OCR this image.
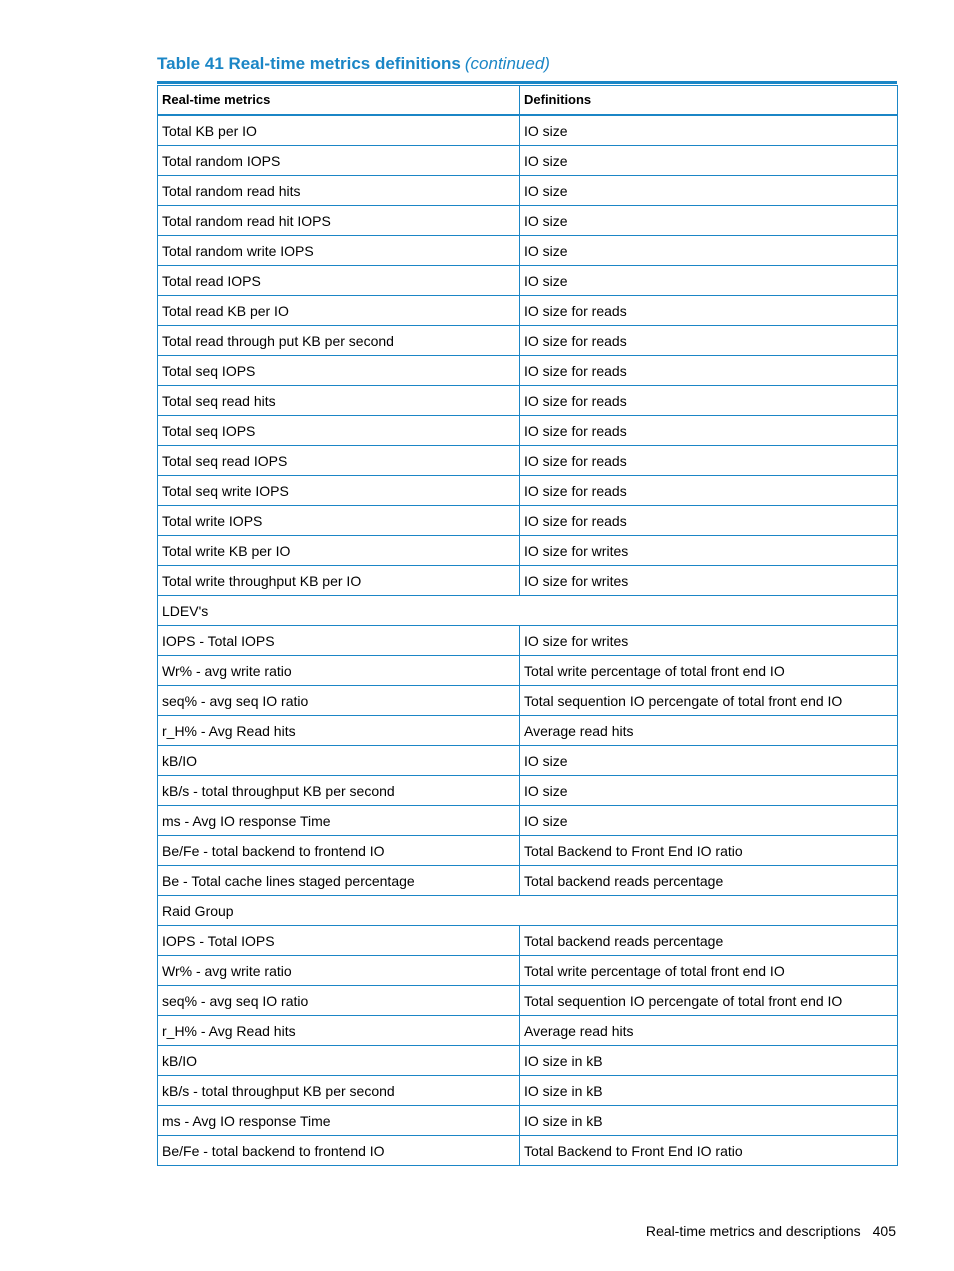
Table 41 Real-time metrics definitions (continued)
Real-time metrics	Definitions
Total KB per IO	IO size
Total random IOPS	IO size
Total random read hits	IO size
Total random read hit IOPS	IO size
Total random write IOPS	IO size
Total read IOPS	IO size
Total read KB per IO	IO size for reads
Total read through put KB per second	IO size for reads
Total seq IOPS	IO size for reads
Total seq read hits	IO size for reads
Total seq IOPS	IO size for reads
Total seq read IOPS	IO size for reads
Total seq write IOPS	IO size for reads
Total write IOPS	IO size for reads
Total write KB per IO	IO size for writes
Total write throughput KB per IO	IO size for writes
LDEV's	
IOPS - Total IOPS	IO size for writes
Wr% - avg write ratio	Total write percentage of total front end IO
seq% - avg seq IO ratio	Total sequention IO percengate of total front end IO
r_H% - Avg Read hits	Average read hits
kB/IO	IO size
kB/s - total throughput KB per second	IO size
ms - Avg IO response Time	IO size
Be/Fe - total backend to frontend IO	Total Backend to Front End IO ratio
Be - Total cache lines staged percentage	Total backend reads percentage
Raid Group	
IOPS - Total IOPS	Total backend reads percentage
Wr% - avg write ratio	Total write percentage of total front end IO
seq% - avg seq IO ratio	Total sequention IO percengate of total front end IO
r_H% - Avg Read hits	Average read hits
kB/IO	IO size in kB
kB/s - total throughput KB per second	IO size in kB
ms - Avg IO response Time	IO size in kB
Be/Fe - total backend to frontend IO	Total Backend to Front End IO ratio
Real-time metrics and descriptions 405
